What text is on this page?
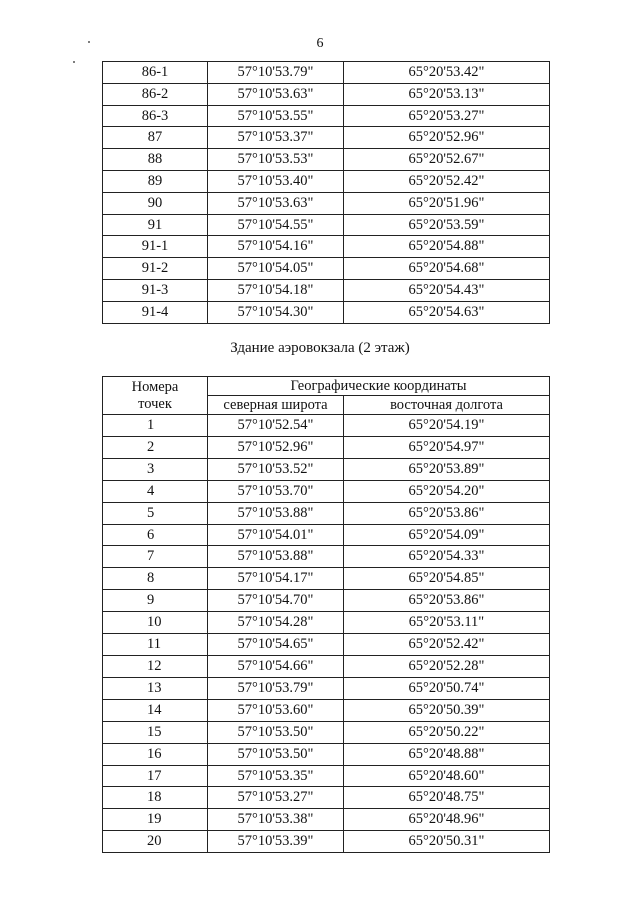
6
86-1	57°10'53.79"	65°20'53.42"
86-2	57°10'53.63"	65°20'53.13"
86-3	57°10'53.55"	65°20'53.27"
87	57°10'53.37"	65°20'52.96"
88	57°10'53.53"	65°20'52.67"
89	57°10'53.40"	65°20'52.42"
90	57°10'53.63"	65°20'51.96"
91	57°10'54.55"	65°20'53.59"
91-1	57°10'54.16"	65°20'54.88"
91-2	57°10'54.05"	65°20'54.68"
91-3	57°10'54.18"	65°20'54.43"
91-4	57°10'54.30"	65°20'54.63"
Здание аэровокзала (2 этаж)
Номера
точек	Географические координаты	
	северная широта	восточная долгота
1	57°10'52.54"	65°20'54.19"
2	57°10'52.96"	65°20'54.97"
3	57°10'53.52"	65°20'53.89"
4	57°10'53.70"	65°20'54.20"
5	57°10'53.88"	65°20'53.86"
6	57°10'54.01"	65°20'54.09"
7	57°10'53.88"	65°20'54.33"
8	57°10'54.17"	65°20'54.85"
9	57°10'54.70"	65°20'53.86"
10	57°10'54.28"	65°20'53.11"
11	57°10'54.65"	65°20'52.42"
12	57°10'54.66"	65°20'52.28"
13	57°10'53.79"	65°20'50.74"
14	57°10'53.60"	65°20'50.39"
15	57°10'53.50"	65°20'50.22"
16	57°10'53.50"	65°20'48.88"
17	57°10'53.35"	65°20'48.60"
18	57°10'53.27"	65°20'48.75"
19	57°10'53.38"	65°20'48.96"
20	57°10'53.39"	65°20'50.31"
